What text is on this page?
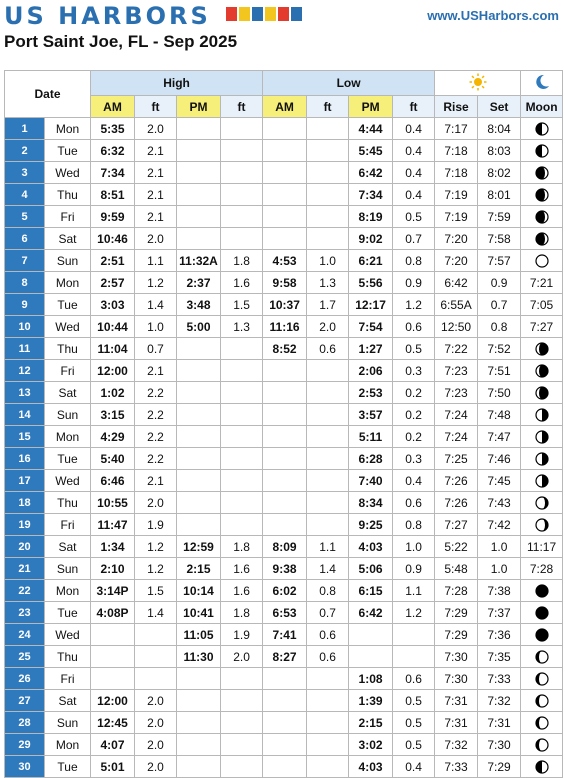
US HARBORS	www.USHarbors.com
Port Saint Joe, FL - Sep 2025
Date		High				Low		
		AM	ft	PM	ft	AM	ft	PM	ft	Rise	Set	Moon
1	Mon	5:35	2.0					4:44	0.4	7:17	8:04	
2	Tue	6:32	2.1					5:45	0.4	7:18	8:03	
3	Wed	7:34	2.1					6:42	0.4	7:18	8:02	
4	Thu	8:51	2.1					7:34	0.4	7:19	8:01	
5	Fri	9:59	2.1					8:19	0.5	7:19	7:59	
6	Sat	10:46	2.0					9:02	0.7	7:20	7:58	
7	Sun	2:51	1.1	11:32A	1.8	4:53	1.0	6:21	0.8	7:20	7:57	
8	Mon	2:57	1.2	2:37	1.6	9:58	1.3	5:56	0.9	6:42	0.9	7:21
9	Tue	3:03	1.4	3:48	1.5	10:37	1.7	12:17	1.2	6:55A	0.7	7:05
10	Wed	10:44	1.0	5:00	1.3	11:16	2.0	7:54	0.6	12:50	0.8	7:27
11	Thu	11:04	0.7			8:52	0.6	1:27	0.5	7:22	7:52	
12	Fri	12:00	2.1					2:06	0.3	7:23	7:51	
13	Sat	1:02	2.2					2:53	0.2	7:23	7:50	
14	Sun	3:15	2.2					3:57	0.2	7:24	7:48	
15	Mon	4:29	2.2					5:11	0.2	7:24	7:47	
16	Tue	5:40	2.2					6:28	0.3	7:25	7:46	
17	Wed	6:46	2.1					7:40	0.4	7:26	7:45	
18	Thu	10:55	2.0					8:34	0.6	7:26	7:43	
19	Fri	11:47	1.9					9:25	0.8	7:27	7:42	
20	Sat	1:34	1.2	12:59	1.8	8:09	1.1	4:03	1.0	5:22	1.0	11:17
21	Sun	2:10	1.2	2:15	1.6	9:38	1.4	5:06	0.9	5:48	1.0	7:28
22	Mon	3:14P	1.5	10:14	1.6	6:02	0.8	6:15	1.1	7:28	7:38	
23	Tue	4:08P	1.4	10:41	1.8	6:53	0.7	6:42	1.2	7:29	7:37	
24	Wed			11:05	1.9	7:41	0.6			7:29	7:36	
25	Thu			11:30	2.0	8:27	0.6			7:30	7:35	
26	Fri							1:08	0.6	7:30	7:33	
27	Sat	12:00	2.0					1:39	0.5	7:31	7:32	
28	Sun	12:45	2.0					2:15	0.5	7:31	7:31	
29	Mon	4:07	2.0					3:02	0.5	7:32	7:30	
30	Tue	5:01	2.0					4:03	0.4	7:33	7:29	
